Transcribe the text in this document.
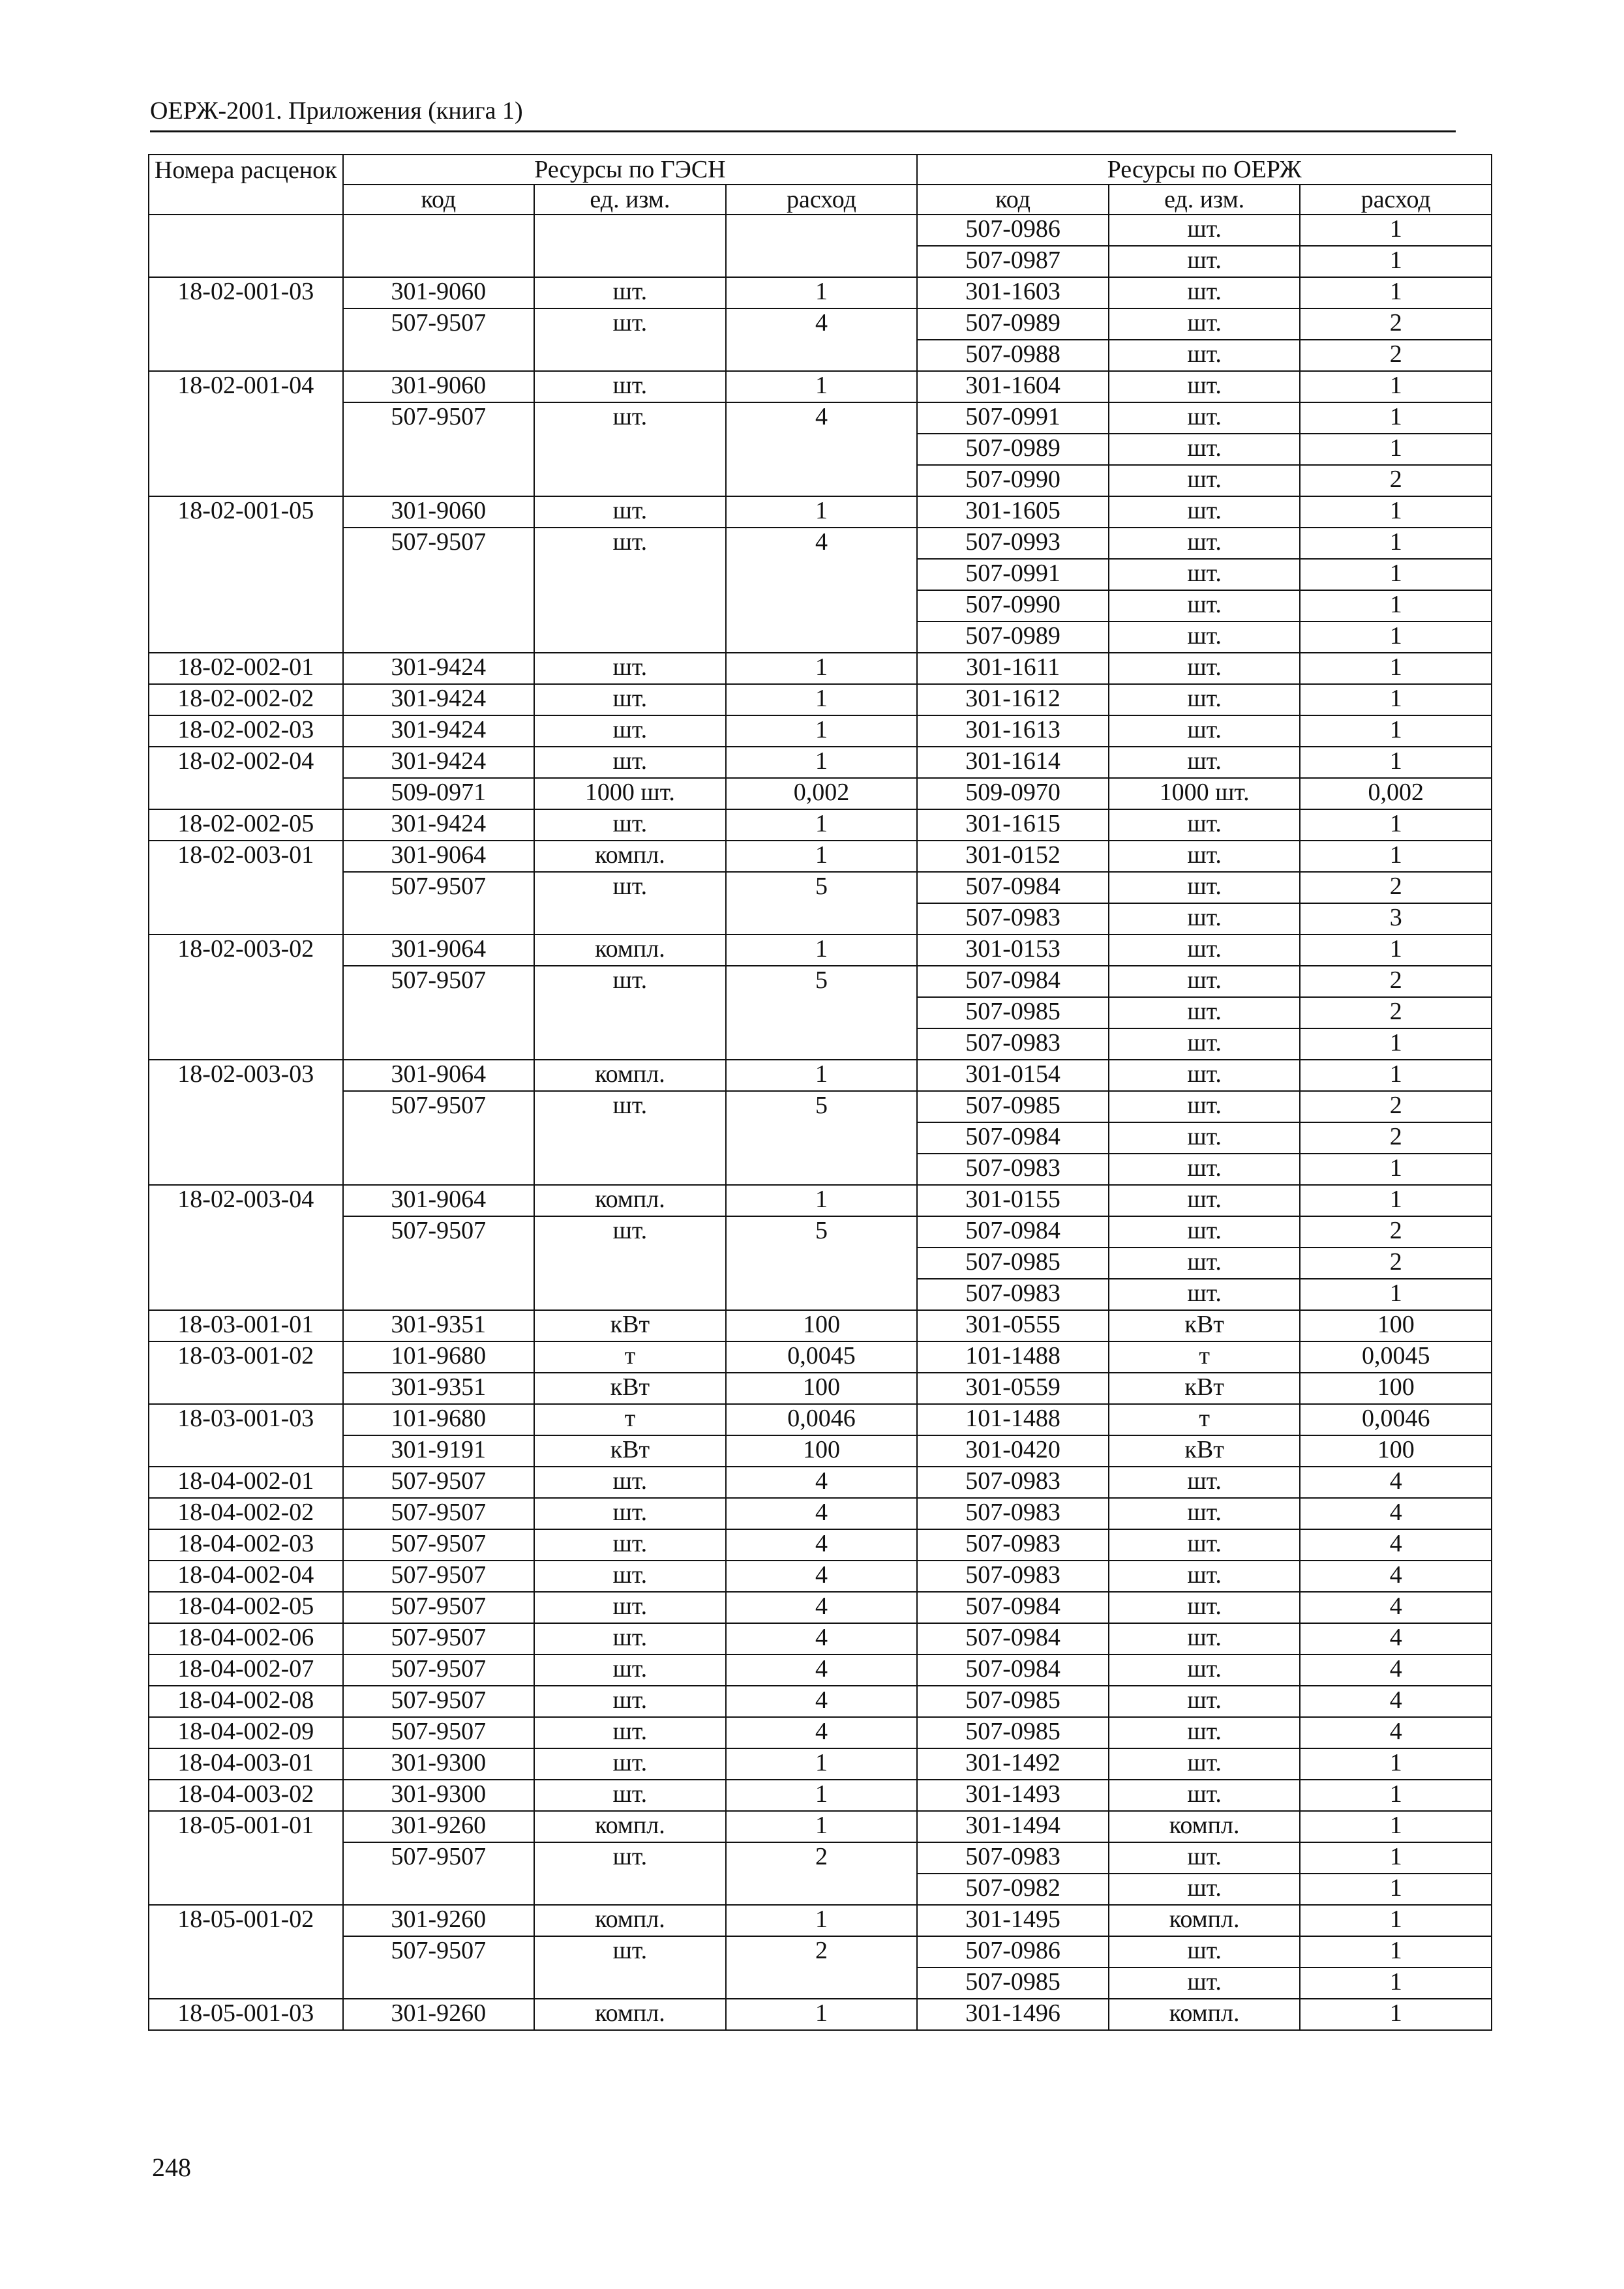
ОЕРЖ-2001. Приложения (книга 1)
Номера расценок	Ресурсы по ГЭСН			Ресурсы по ОЕРЖ		
	код	ед. изм.	расход	код	ед. изм.	расход
				507-0986	шт.	1
				507-0987	шт.	1
18-02-001-03	301-9060	шт.	1	301-1603	шт.	1
	507-9507	шт.	4	507-0989	шт.	2
				507-0988	шт.	2
18-02-001-04	301-9060	шт.	1	301-1604	шт.	1
	507-9507	шт.	4	507-0991	шт.	1
				507-0989	шт.	1
				507-0990	шт.	2
18-02-001-05	301-9060	шт.	1	301-1605	шт.	1
	507-9507	шт.	4	507-0993	шт.	1
				507-0991	шт.	1
				507-0990	шт.	1
				507-0989	шт.	1
18-02-002-01	301-9424	шт.	1	301-1611	шт.	1
18-02-002-02	301-9424	шт.	1	301-1612	шт.	1
18-02-002-03	301-9424	шт.	1	301-1613	шт.	1
18-02-002-04	301-9424	шт.	1	301-1614	шт.	1
	509-0971	1000 шт.	0,002	509-0970	1000 шт.	0,002
18-02-002-05	301-9424	шт.	1	301-1615	шт.	1
18-02-003-01	301-9064	компл.	1	301-0152	шт.	1
	507-9507	шт.	5	507-0984	шт.	2
				507-0983	шт.	3
18-02-003-02	301-9064	компл.	1	301-0153	шт.	1
	507-9507	шт.	5	507-0984	шт.	2
				507-0985	шт.	2
				507-0983	шт.	1
18-02-003-03	301-9064	компл.	1	301-0154	шт.	1
	507-9507	шт.	5	507-0985	шт.	2
				507-0984	шт.	2
				507-0983	шт.	1
18-02-003-04	301-9064	компл.	1	301-0155	шт.	1
	507-9507	шт.	5	507-0984	шт.	2
				507-0985	шт.	2
				507-0983	шт.	1
18-03-001-01	301-9351	кВт	100	301-0555	кВт	100
18-03-001-02	101-9680	т	0,0045	101-1488	т	0,0045
	301-9351	кВт	100	301-0559	кВт	100
18-03-001-03	101-9680	т	0,0046	101-1488	т	0,0046
	301-9191	кВт	100	301-0420	кВт	100
18-04-002-01	507-9507	шт.	4	507-0983	шт.	4
18-04-002-02	507-9507	шт.	4	507-0983	шт.	4
18-04-002-03	507-9507	шт.	4	507-0983	шт.	4
18-04-002-04	507-9507	шт.	4	507-0983	шт.	4
18-04-002-05	507-9507	шт.	4	507-0984	шт.	4
18-04-002-06	507-9507	шт.	4	507-0984	шт.	4
18-04-002-07	507-9507	шт.	4	507-0984	шт.	4
18-04-002-08	507-9507	шт.	4	507-0985	шт.	4
18-04-002-09	507-9507	шт.	4	507-0985	шт.	4
18-04-003-01	301-9300	шт.	1	301-1492	шт.	1
18-04-003-02	301-9300	шт.	1	301-1493	шт.	1
18-05-001-01	301-9260	компл.	1	301-1494	компл.	1
	507-9507	шт.	2	507-0983	шт.	1
				507-0982	шт.	1
18-05-001-02	301-9260	компл.	1	301-1495	компл.	1
	507-9507	шт.	2	507-0986	шт.	1
				507-0985	шт.	1
18-05-001-03	301-9260	компл.	1	301-1496	компл.	1
248
